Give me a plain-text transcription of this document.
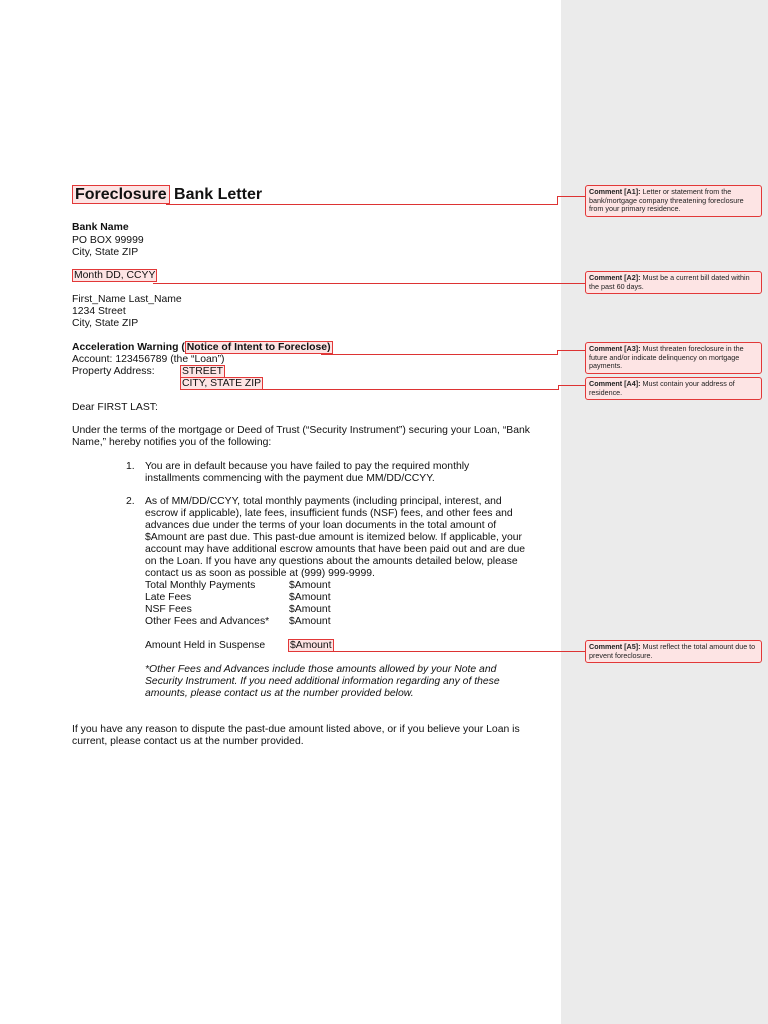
Foreclosure Bank Letter
Bank Name
PO BOX 99999
City, State ZIP
Month DD, CCYY
First_Name Last_Name
1234 Street
City, State ZIP
Acceleration Warning ( Notice of Intent to Foreclose)
Account: 123456789 (the “Loan”)
Property Address:	STREET
CITY, STATE ZIP
Dear FIRST LAST:
Under the terms of the mortgage or Deed of Trust (“Security Instrument”) securing your Loan, “Bank Name,” hereby notifies you of the following:
1. You are in default because you have failed to pay the required monthly installments commencing with the payment due MM/DD/CCYY.
2. As of MM/DD/CCYY, total monthly payments (including principal, interest, and escrow if applicable), late fees, insufficient funds (NSF) fees, and other fees and advances due under the terms of your loan documents in the total amount of $Amount are past due. This past-due amount is itemized below. If applicable, your account may have additional escrow amounts that have been paid out and are due on the Loan. If you have any questions about the amounts detailed below, please contact us as soon as possible at (999) 999-9999.
Total Monthly Payments	$Amount
Late Fees	$Amount
NSF Fees	$Amount
Other Fees and Advances* $Amount
Amount Held in Suspense $Amount
*Other Fees and Advances include those amounts allowed by your Note and Security Instrument. If you need additional information regarding any of these amounts, please contact us at the number provided below.
If you have any reason to dispute the past-due amount listed above, or if you believe your Loan is current, please contact us at the number provided.
Comment [A1]: Letter or statement from the bank/mortgage company threatening foreclosure from your primary residence.
Comment [A2]: Must be a current bill dated within the past 60 days.
Comment [A3]: Must threaten foreclosure in the future and/or indicate delinquency on mortgage payments.
Comment [A4]: Must contain your address of residence.
Comment [A5]: Must reflect the total amount due to prevent foreclosure.
